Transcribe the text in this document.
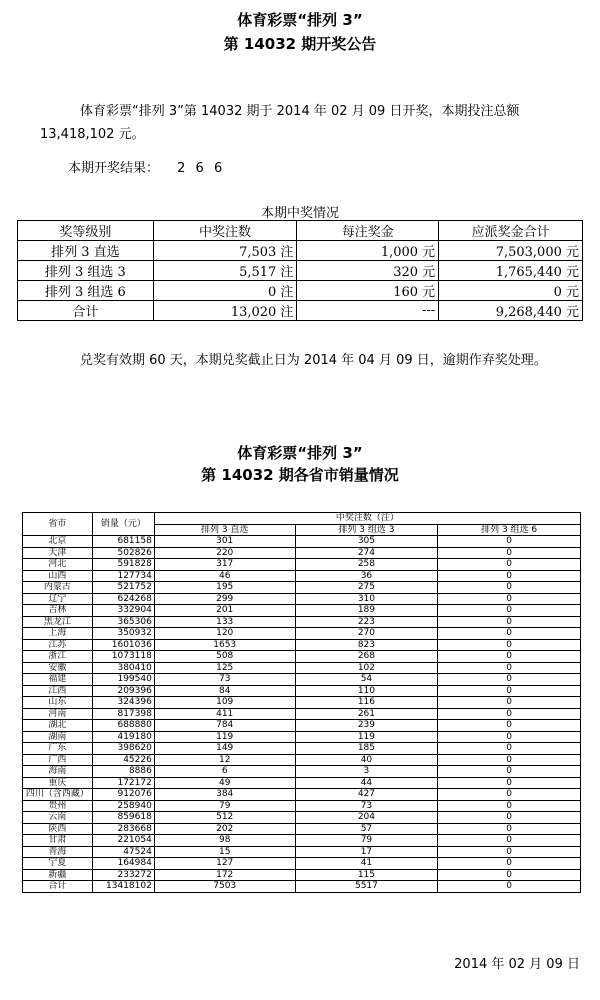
体育彩票“排列 3”
第 14032 期开奖公告
体育彩票“排列 3”第 14032 期于 2014 年 02 月 09 日开奖，本期投注总额 13,418,102 元。
本期开奖结果： 2 6 6
本期中奖情况
奖等级别	中奖注数	每注奖金	应派奖金合计
排列 3 直选	7,503 注	1,000 元	7,503,000 元
排列 3 组选 3	5,517 注	320 元	1,765,440 元
排列 3 组选 6	0 注	160 元	0 元
合计	13,020 注	---	9,268,440 元
兑奖有效期 60 天，本期兑奖截止日为 2014 年 04 月 09 日，逾期作弃奖处理。
体育彩票“排列 3”
第 14032 期各省市销量情况
省市	销量（元）	中奖注数（注）		
		排列 3 直选	排列 3 组选 3	排列 3 组选 6
北京	681158	301	305	0
天津	502826	220	274	0
河北	591828	317	258	0
山西	127734	46	36	0
内蒙古	521752	195	275	0
辽宁	624268	299	310	0
吉林	332904	201	189	0
黑龙江	365306	133	223	0
上海	350932	120	270	0
江苏	1601036	1653	823	0
浙江	1073118	508	268	0
安徽	380410	125	102	0
福建	199540	73	54	0
江西	209396	84	110	0
山东	324396	109	116	0
河南	817398	411	261	0
湖北	688880	784	239	0
湖南	419180	119	119	0
广东	398620	149	185	0
广西	45226	12	40	0
海南	8886	6	3	0
重庆	172172	49	44	0
四川（含西藏）	912076	384	427	0
贵州	258940	79	73	0
云南	859618	512	204	0
陕西	283668	202	57	0
甘肃	221054	98	79	0
青海	47524	15	17	0
宁夏	164984	127	41	0
新疆	233272	172	115	0
合计	13418102	7503	5517	0
2014 年 02 月 09 日
